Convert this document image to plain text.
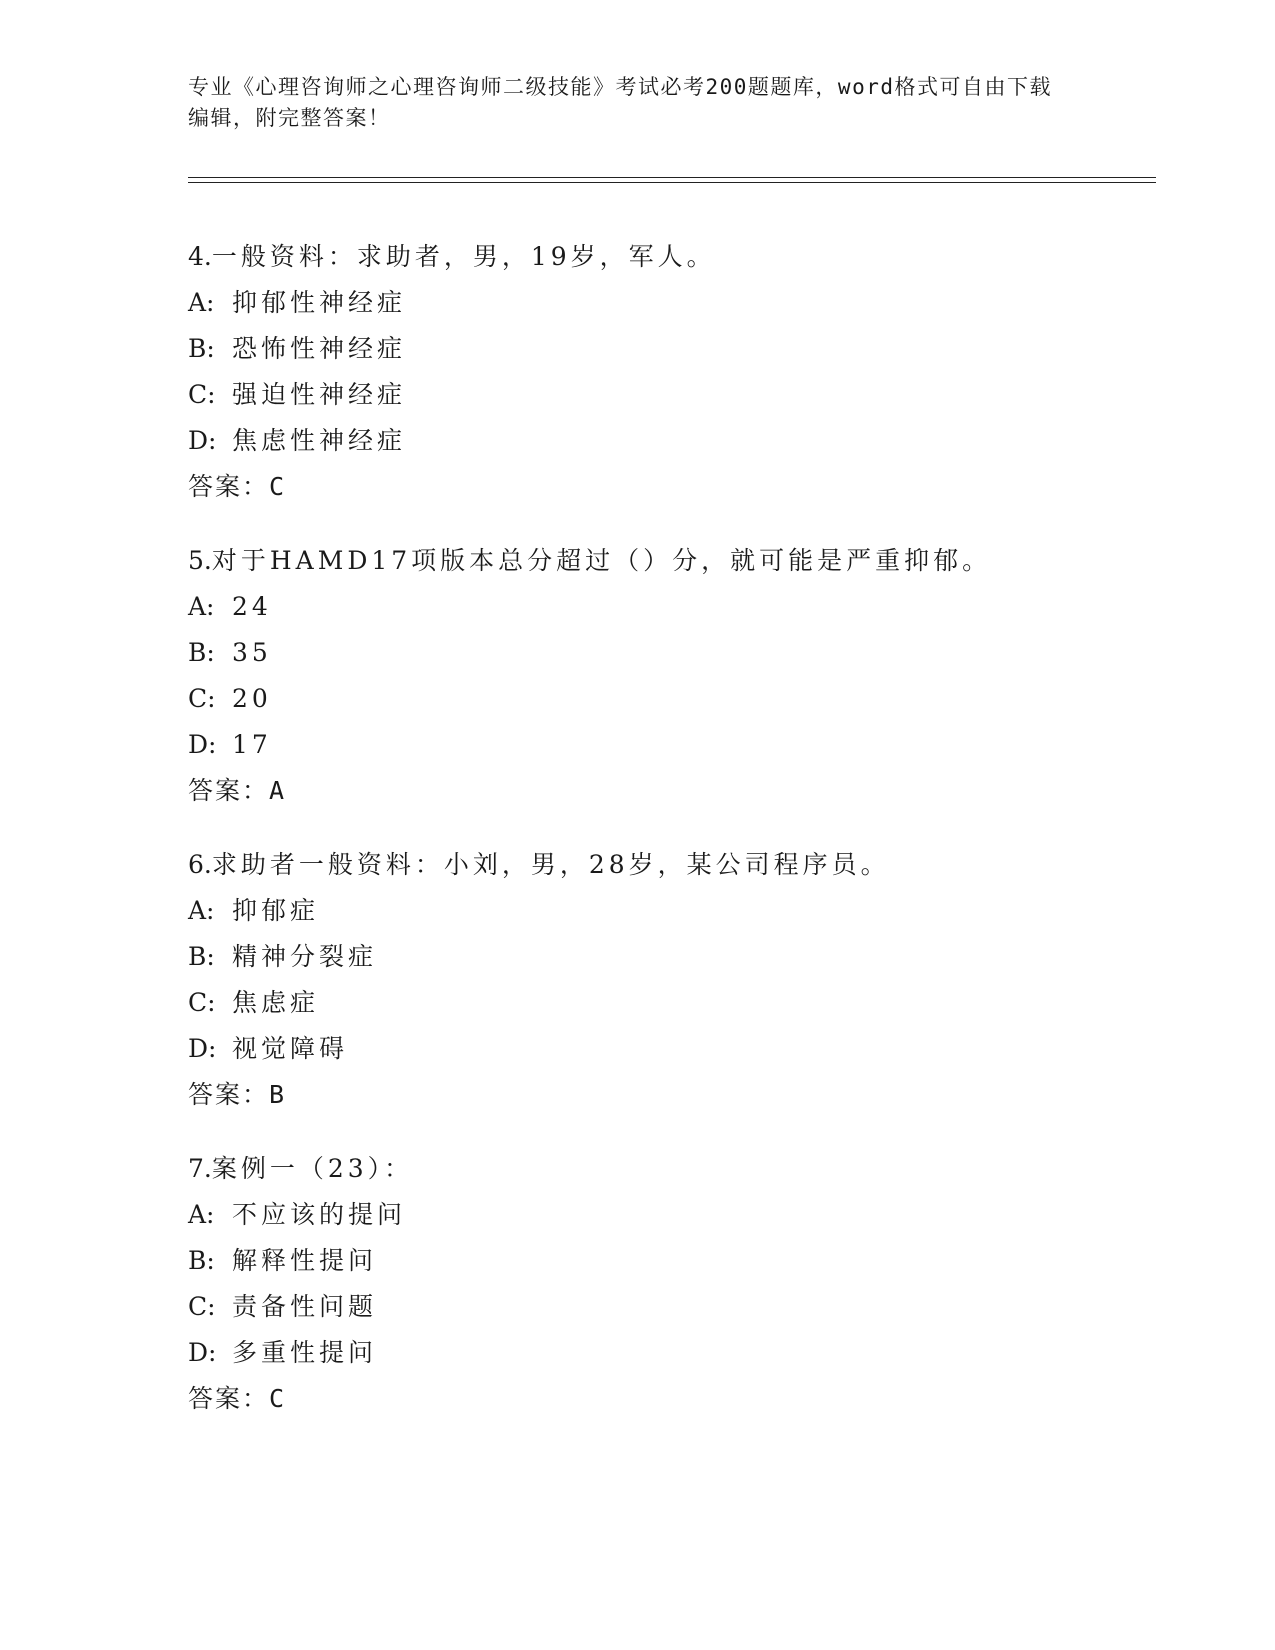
专业《心理咨询师之心理咨询师二级技能》考试必考200题题库，word格式可自由下载编辑，附完整答案！
4.一般资料：求助者，男，19岁，军人。
A: 抑郁性神经症
B: 恐怖性神经症
C: 强迫性神经症
D: 焦虑性神经症
答案：C
5.对于HAMD17项版本总分超过（）分，就可能是严重抑郁。
A: 24
B: 35
C: 20
D: 17
答案：A
6.求助者一般资料：小刘，男，28岁，某公司程序员。
A: 抑郁症
B: 精神分裂症
C: 焦虑症
D: 视觉障碍
答案：B
7.案例一（23）：
A: 不应该的提问
B: 解释性提问
C: 责备性问题
D: 多重性提问
答案：C
